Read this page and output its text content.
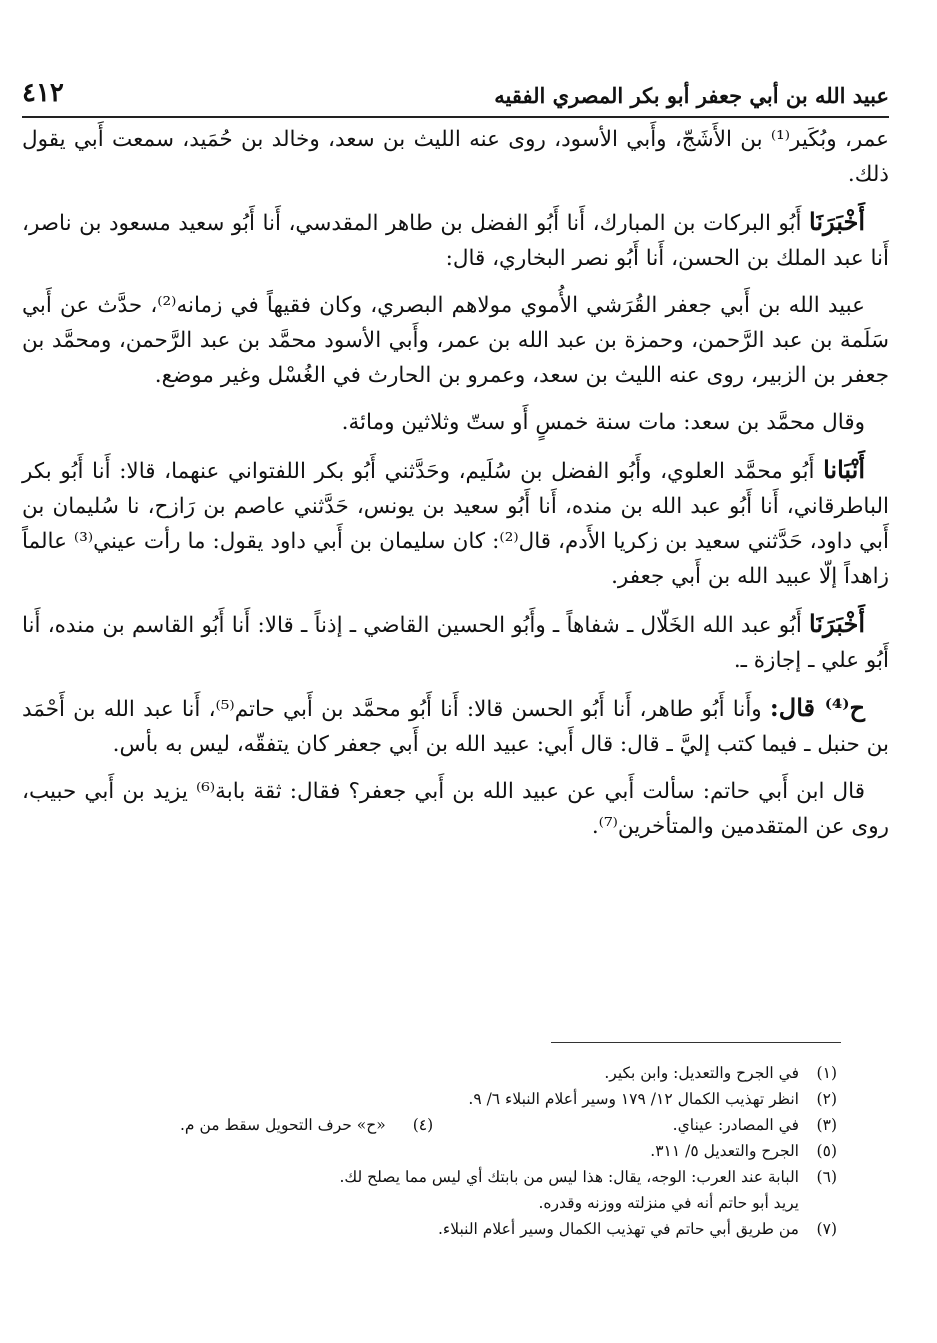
عبيد الله بن أبي جعفر أبو بكر المصري الفقيه
٤١٢

عمر، وبُكَير⁽¹⁾ بن الأَشَجّ، وأَبي الأسود، روى عنه الليث بن سعد، وخالد بن حُمَيد، سمعت أَبي يقول ذلك.

أَخْبَرَنَا أَبُو البركات بن المبارك، أَنا أَبُو الفضل بن طاهر المقدسي، أَنا أَبُو سعيد مسعود بن ناصر، أَنا عبد الملك بن الحسن، أَنا أَبُو نصر البخاري، قال:

عبيد الله بن أَبي جعفر القُرَشي الأُموي مولاهم البصري، وكان فقيهاً في زمانه⁽²⁾، حدَّث عن أَبي سَلَمة بن عبد الرَّحمن، وحمزة بن عبد الله بن عمر، وأَبي الأسود محمَّد بن عبد الرَّحمن، ومحمَّد بن جعفر بن الزبير، روى عنه الليث بن سعد، وعمرو بن الحارث في الغُسْل وغير موضع.

وقال محمَّد بن سعد: مات سنة خمسٍ أَو ستّ وثلاثين ومائة.

أَنْبَانا أَبُو محمَّد العلوي، وأَبُو الفضل بن سُلَيم، وحَدَّثني أَبُو بكر اللفتواني عنهما، قالا: أَنا أَبُو بكر الباطرقاني، أَنا أَبُو عبد الله بن منده، أَنا أَبُو سعيد بن يونس، حَدَّثني عاصم بن رَازح، نا سُليمان بن أَبي داود، حَدَّثني سعيد بن زكريا الأَدم، قال⁽²⁾: كان سليمان بن أَبي داود يقول: ما رأت عيني⁽³⁾ عالماً زاهداً إلّا عبيد الله بن أَبي جعفر.

أَخْبَرَنَا أَبُو عبد الله الخَلّال ـ شفاهاً ـ وأَبُو الحسين القاضي ـ إذناً ـ قالا: أَنا أَبُو القاسم بن منده، أَنا أَبُو علي ـ إجازة ـ.

ح⁽⁴⁾ قال: وأَنا أَبُو طاهر، أَنا أَبُو الحسن قالا: أَنا أَبُو محمَّد بن أَبي حاتم⁽⁵⁾، أَنا عبد الله بن أَحْمَد بن حنبل ـ فيما كتب إليَّ ـ قال: قال أَبي: عبيد الله بن أَبي جعفر كان يتفقّه، ليس به بأس.

قال ابن أَبي حاتم: سألت أَبي عن عبيد الله بن أَبي جعفر؟ فقال: ثقة بابة⁽⁶⁾ يزيد بن أَبي حبيب، روى عن المتقدمين والمتأخرين⁽⁷⁾.

(١)
في الجرح والتعديل: وابن بكير.
(٢)
انظر تهذيب الكمال ١٢/ ١٧٩ وسير أعلام النبلاء ٦/ ٩.
(٣)
في المصادر: عيناي.
(٤) «ح» حرف التحويل سقط من م.
(٥)
الجرح والتعديل ٥/ ٣١١.
(٦)
البابة عند العرب: الوجه، يقال: هذا ليس من بابتك أي ليس مما يصلح لك.
يريد أبو حاتم أنه في منزلته ووزنه وقدره.
(٧)
من طريق أبي حاتم في تهذيب الكمال وسير أعلام النبلاء.
